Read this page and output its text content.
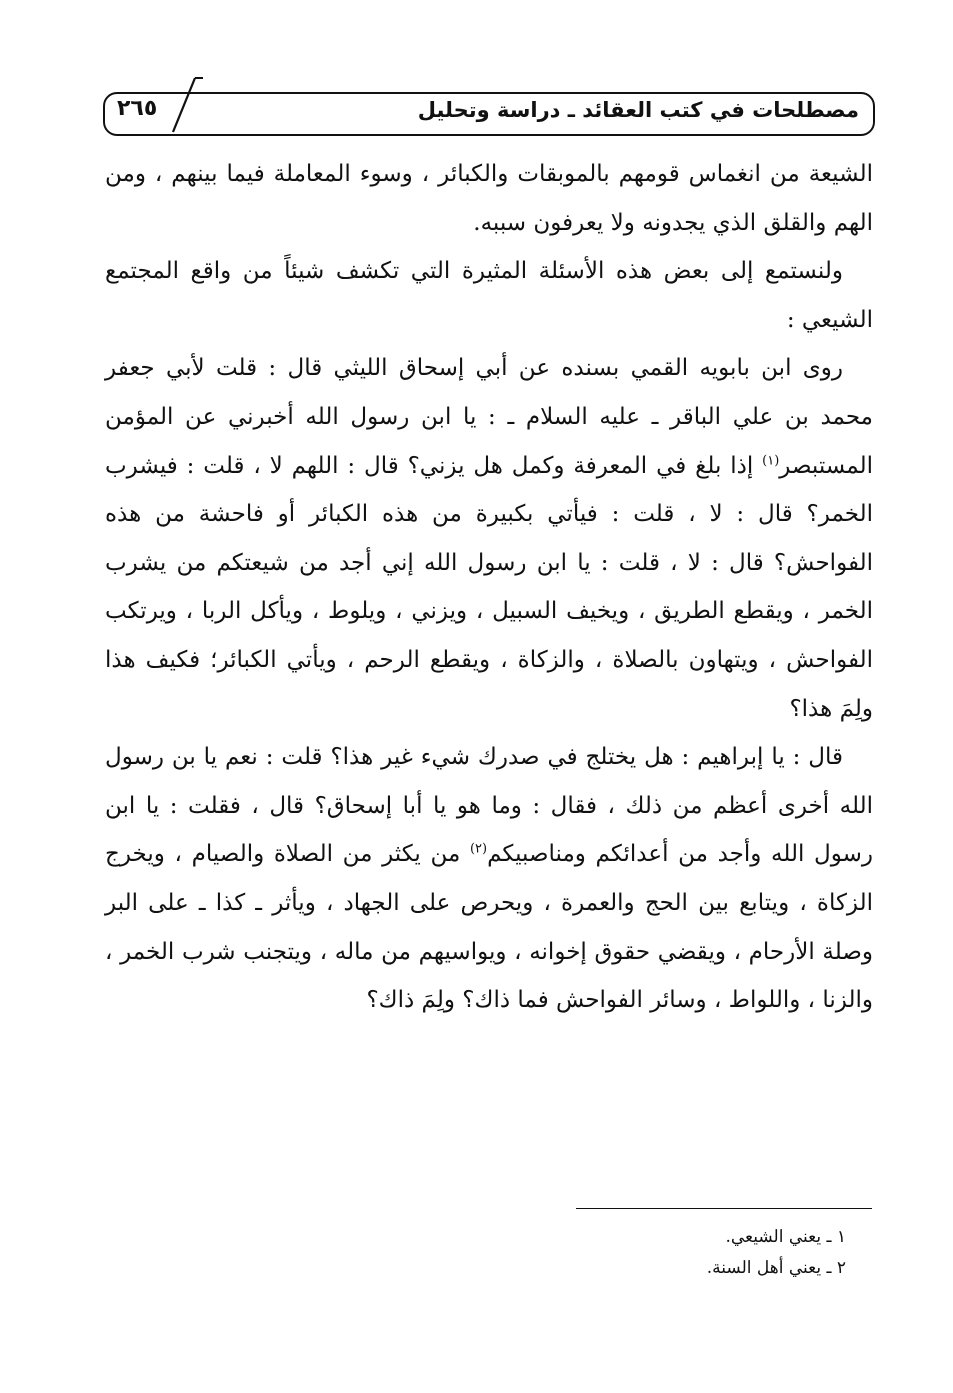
مصطلحات في كتب العقائد ـ دراسة وتحليل
٢٦٥

الشيعة من انغماس قومهم بالموبقات والكبائر ، وسوء المعاملة فيما بينهم ، ومن الهم والقلق الذي يجدونه ولا يعرفون سببه.

ولنستمع إلى بعض هذه الأسئلة المثيرة التي تكشف شيئاً من واقع المجتمع الشيعي :

روى ابن بابويه القمي بسنده عن أبي إسحاق الليثي قال : قلت لأبي جعفر محمد بن علي الباقر ـ عليه السلام ـ : يا ابن رسول الله أخبرني عن المؤمن المستبصر$^{(١)}$ إذا بلغ في المعرفة وكمل هل يزني؟ قال : اللهم لا ، قلت : فيشرب الخمر؟ قال : لا ، قلت : فيأتي بكبيرة من هذه الكبائر أو فاحشة من هذه الفواحش؟ قال : لا ، قلت : يا ابن رسول الله إني أجد من شيعتكم من يشرب الخمر ، ويقطع الطريق ، ويخيف السبيل ، ويزني ، ويلوط ، ويأكل الربا ، ويرتكب الفواحش ، ويتهاون بالصلاة ، والزكاة ، ويقطع الرحم ، ويأتي الكبائر؛ فكيف هذا ولِمَ هذا؟

قال : يا إبراهيم : هل يختلج في صدرك شيء غير هذا؟ قلت : نعم يا بن رسول الله أخرى أعظم من ذلك ، فقال : وما هو يا أبا إسحاق؟ قال ، فقلت : يا ابن رسول الله وأجد من أعدائكم ومناصبيكم$^{(٢)}$ من يكثر من الصلاة والصيام ، ويخرج الزكاة ، ويتابع بين الحج والعمرة ، ويحرص على الجهاد ، ويأثر ـ كذا ـ على البر وصلة الأرحام ، ويقضي حقوق إخوانه ، ويواسيهم من ماله ، ويتجنب شرب الخمر ، والزنا ، واللواط ، وسائر الفواحش فما ذاك؟ ولِمَ ذاك؟

١ ـ يعني الشيعي.
٢ ـ يعني أهل السنة.
